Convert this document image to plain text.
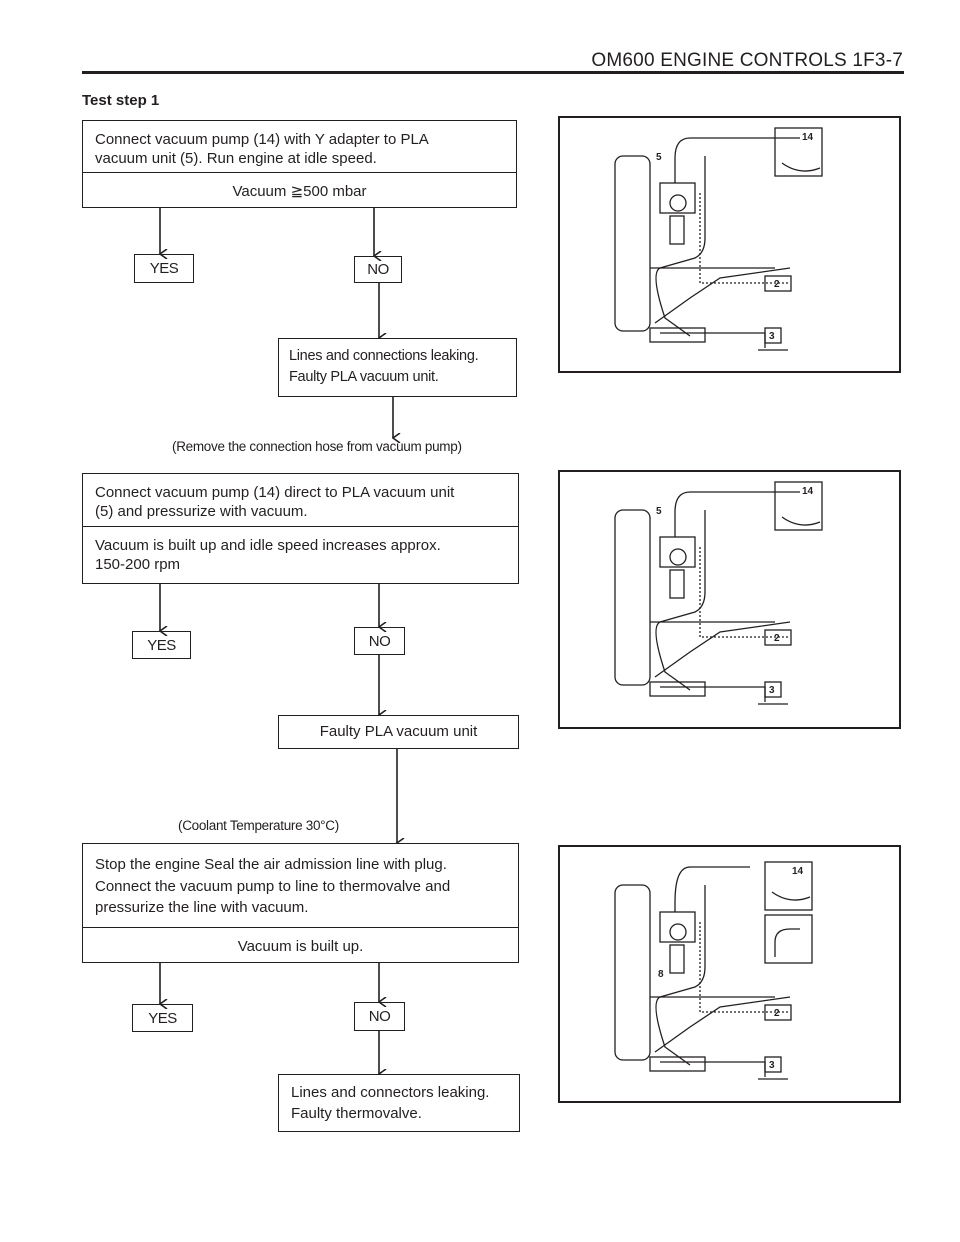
OM600 ENGINE CONTROLS 1F3-7
Test step 1
Connect vacuum pump (14) with Y adapter to PLA
vacuum unit (5). Run engine at idle speed.
Vacuum ≧500 mbar
YES	NO
Lines and connections leaking.
Faulty PLA vacuum unit.
(Remove the connection hose from vacuum pump)
Connect vacuum pump (14) direct to PLA vacuum unit
(5) and pressurize with vacuum.
Vacuum is built up and idle speed increases approx.
150-200 rpm
YES	NO
Faulty PLA vacuum unit
(Coolant Temperature 30°C)
Stop the engine Seal the air admission line with plug.
Connect the vacuum pump to line to thermovalve and
pressurize the line with vacuum.
Vacuum is built up.
YES	NO
Lines and connectors leaking.
Faulty thermovalve.
5
14
2
3
5
14
2
3
8
14
2
3
